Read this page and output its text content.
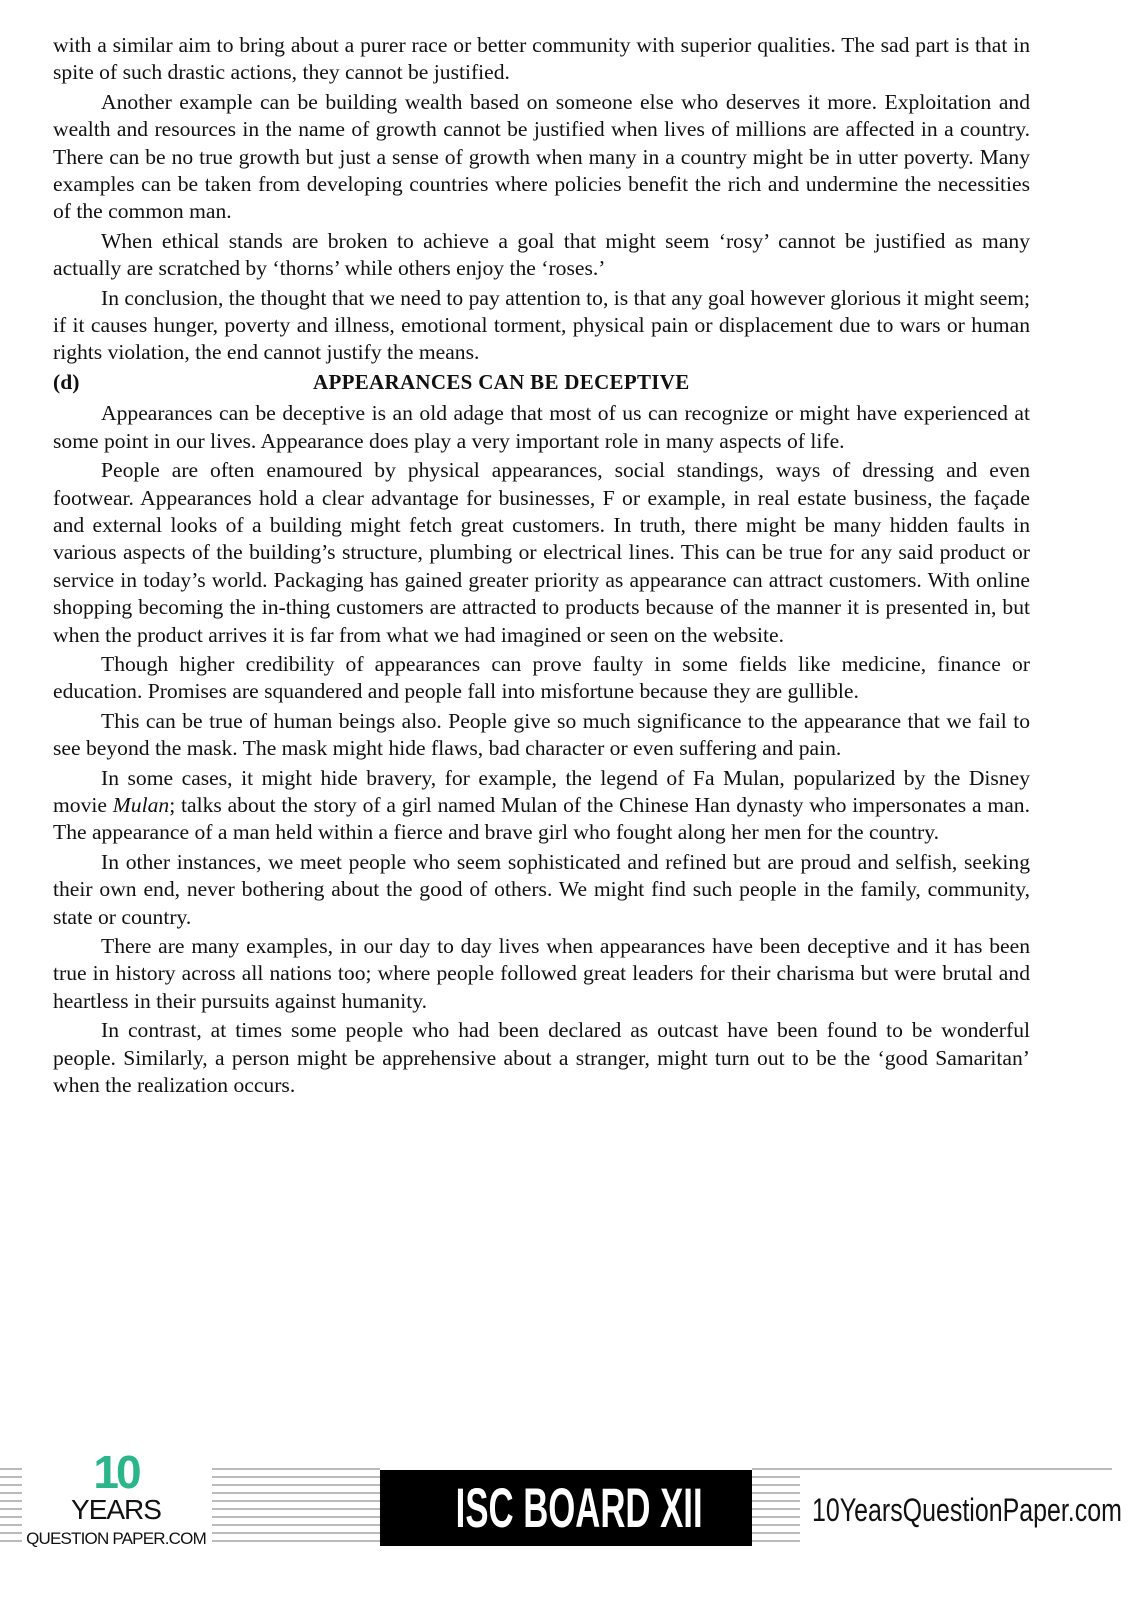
with a similar aim to bring about a purer race or better community with superior qualities. The sad part is that in spite of such drastic actions, they cannot be justified.

Another example can be building wealth based on someone else who deserves it more. Exploitation and wealth and resources in the name of growth cannot be justified when lives of millions are affected in a country. There can be no true growth but just a sense of growth when many in a country might be in utter poverty. Many examples can be taken from developing countries where policies benefit the rich and undermine the necessities of the common man.

When ethical stands are broken to achieve a goal that might seem ‘rosy’ cannot be justified as many actually are scratched by ‘thorns’ while others enjoy the ‘roses.’

In conclusion, the thought that we need to pay attention to, is that any goal however glorious it might seem; if it causes hunger, poverty and illness, emotional torment, physical pain or displacement due to wars or human rights violation, the end cannot justify the means.

(d)	APPEARANCES CAN BE DECEPTIVE

Appearances can be deceptive is an old adage that most of us can recognize or might have experienced at some point in our lives. Appearance does play a very important role in many aspects of life.

People are often enamoured by physical appearances, social standings, ways of dressing and even footwear. Appearances hold a clear advantage for businesses, F or example, in real estate business, the façade and external looks of a building might fetch great customers. In truth, there might be many hidden faults in various aspects of the building’s structure, plumbing or electrical lines. This can be true for any said product or service in today’s world. Packaging has gained greater priority as appearance can attract customers. With online shopping becoming the in-thing customers are attracted to products because of the manner it is presented in, but when the product arrives it is far from what we had imagined or seen on the website.

Though higher credibility of appearances can prove faulty in some fields like medicine, finance or education. Promises are squandered and people fall into misfortune because they are gullible.

This can be true of human beings also. People give so much significance to the appearance that we fail to see beyond the mask. The mask might hide flaws, bad character or even suffering and pain.

In some cases, it might hide bravery, for example, the legend of Fa Mulan, popularized by the Disney movie Mulan; talks about the story of a girl named Mulan of the Chinese Han dynasty who impersonates a man. The appearance of a man held within a fierce and brave girl who fought along her men for the country.

In other instances, we meet people who seem sophisticated and refined but are proud and selfish, seeking their own end, never bothering about the good of others. We might find such people in the family, community, state or country.

There are many examples, in our day to day lives when appearances have been deceptive and it has been true in history across all nations too; where people followed great leaders for their charisma but were brutal and heartless in their pursuits against humanity.

In contrast, at times some people who had been declared as outcast have been found to be wonderful people. Similarly, a person might be apprehensive about a stranger, might turn out to be the ‘good Samaritan’ when the realization occurs.

10
YEARS
QUESTION PAPER.COM	ISC BOARD XII	10YearsQuestionPaper.com
